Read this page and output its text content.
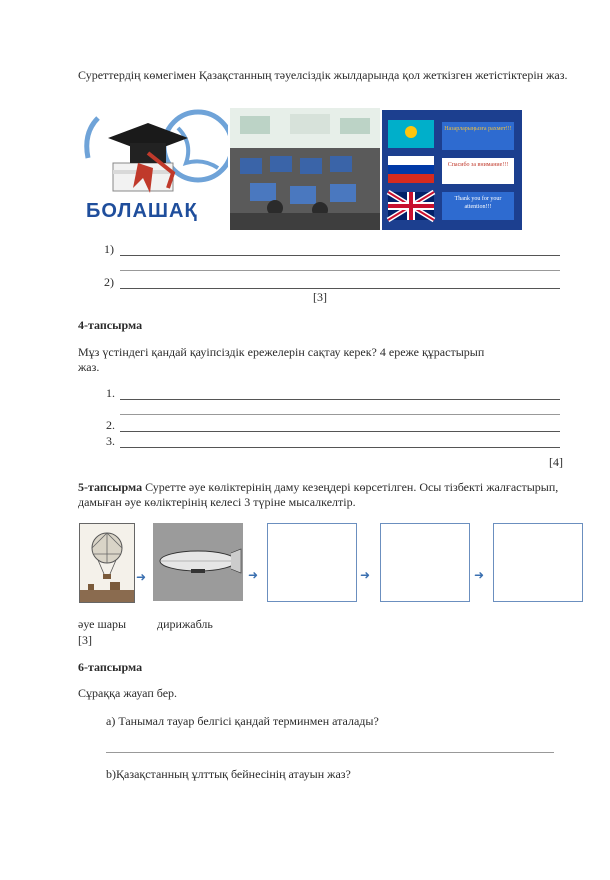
Суреттердің көмегімен Қазақстанның тәуелсіздік жылдарында қол жеткізген жетістіктерін жаз.
БОЛАШАҚ
Назарларыңызға рахмет!!!
Спасибо за внимание!!!
Thank you for your attention!!!
1)
2)
[3]
4-тапсырма
Мұз үстіндегі қандай қауіпсіздік ережелерін сақтау керек? 4 ереже құрастырып жаз.
1.
2.
3.
[4]
5-тапсырма Суретте әуе көліктерінің даму кезеңдері көрсетілген. Осы тізбекті жалғастырып, дамыған әуе көліктерінің келесі 3 түріне мысалкелтір.
➜	➜	➜	➜
әуе шары	дирижабль
[3]
6-тапсырма
Сұраққа жауап бер.
а) Танымал тауар белгісі қандай терминмен аталады?
b)Қазақстанның ұлттық бейнесінің атауын жаз?
